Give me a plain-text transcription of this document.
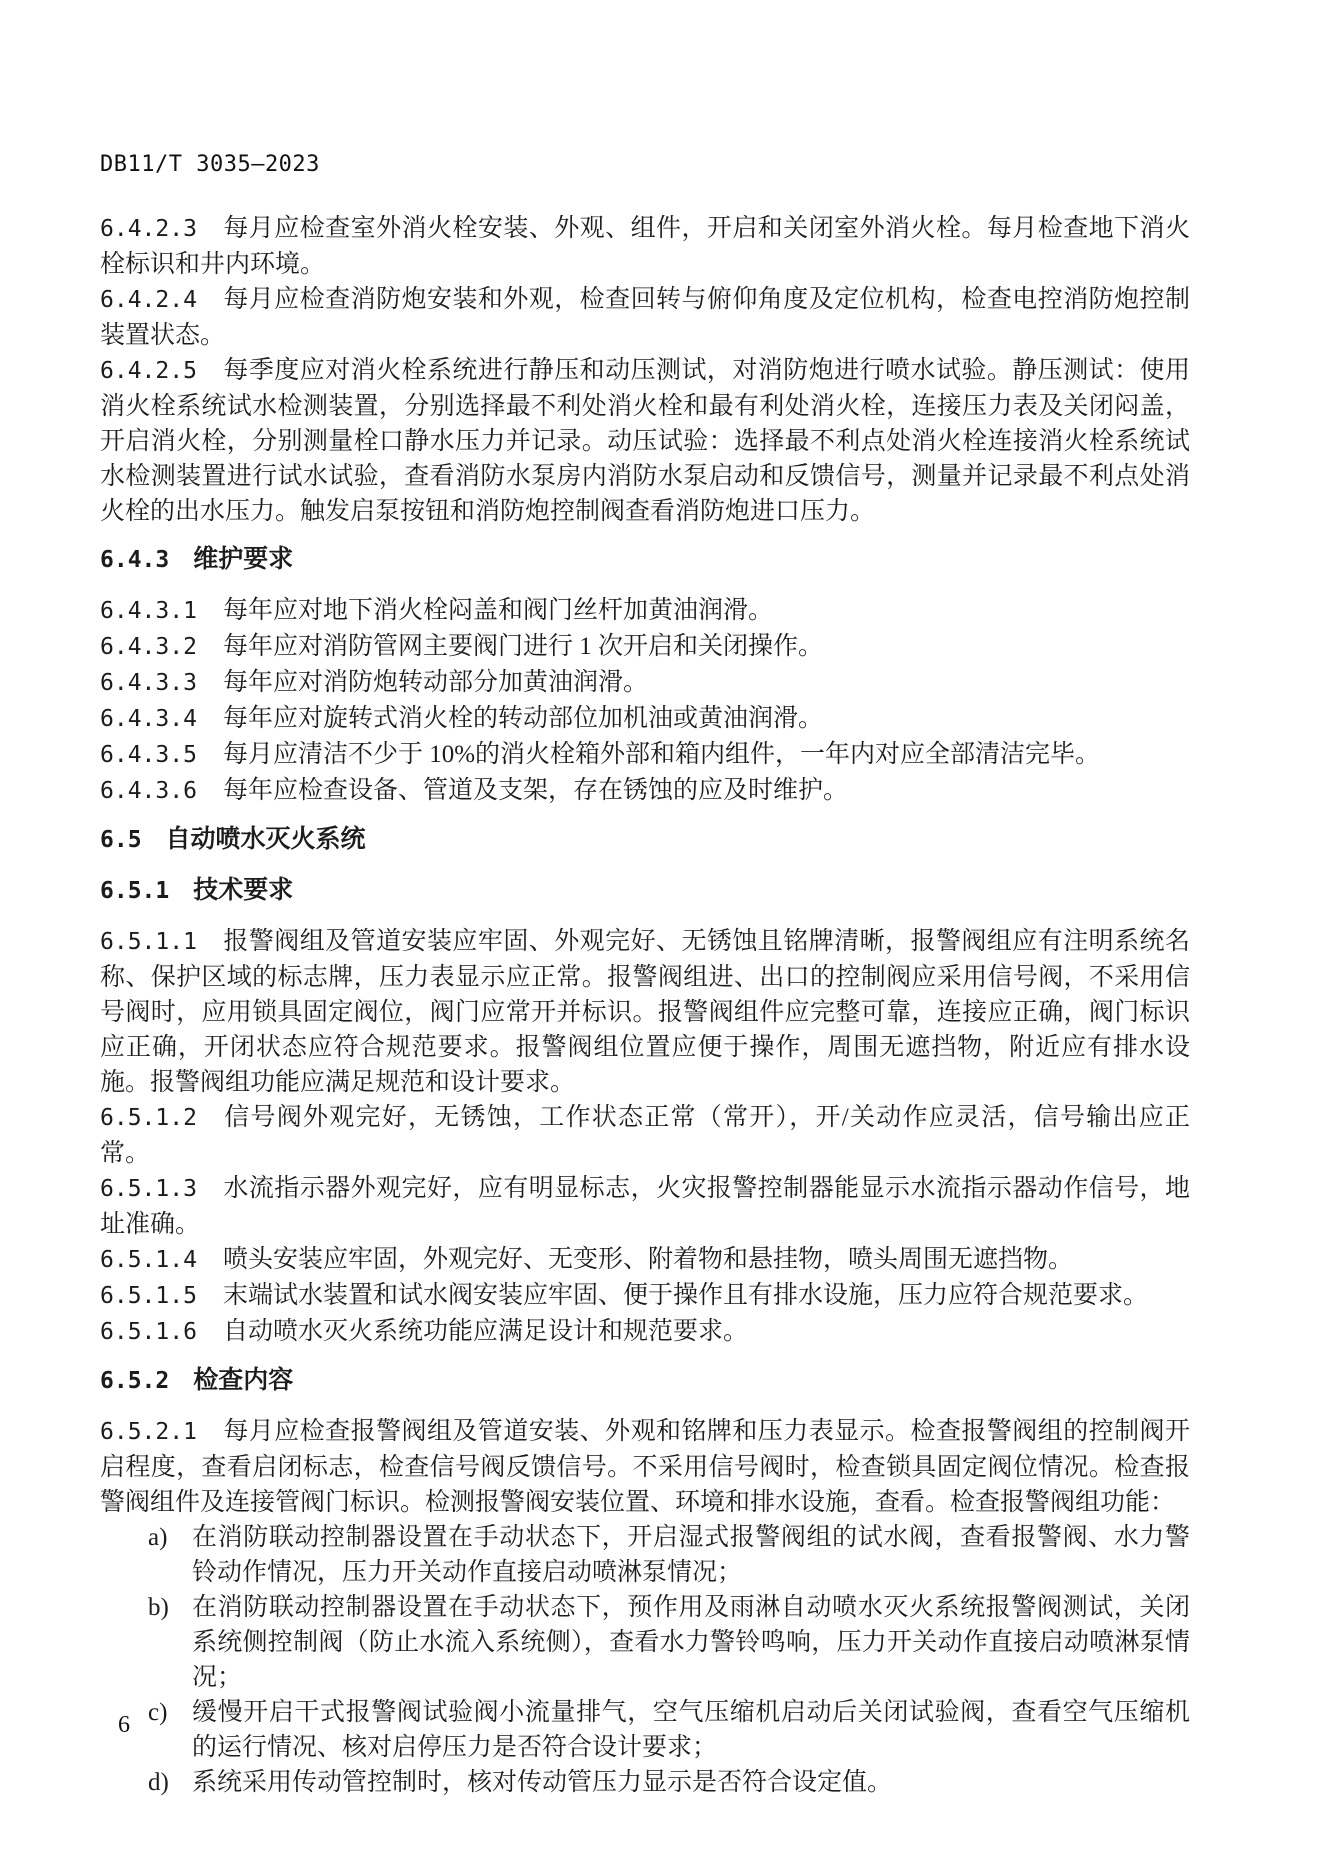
DB11/T 3035—2023

6.4.2.3 每月应检查室外消火栓安装、外观、组件，开启和关闭室外消火栓。每月检查地下消火栓标识和井内环境。

6.4.2.4 每月应检查消防炮安装和外观，检查回转与俯仰角度及定位机构，检查电控消防炮控制装置状态。

6.4.2.5 每季度应对消火栓系统进行静压和动压测试，对消防炮进行喷水试验。静压测试：使用消火栓系统试水检测装置，分别选择最不利处消火栓和最有利处消火栓，连接压力表及关闭闷盖，开启消火栓，分别测量栓口静水压力并记录。动压试验：选择最不利点处消火栓连接消火栓系统试水检测装置进行试水试验，查看消防水泵房内消防水泵启动和反馈信号，测量并记录最不利点处消火栓的出水压力。触发启泵按钮和消防炮控制阀查看消防炮进口压力。

6.4.3 维护要求

6.4.3.1 每年应对地下消火栓闷盖和阀门丝杆加黄油润滑。

6.4.3.2 每年应对消防管网主要阀门进行 1 次开启和关闭操作。

6.4.3.3 每年应对消防炮转动部分加黄油润滑。

6.4.3.4 每年应对旋转式消火栓的转动部位加机油或黄油润滑。

6.4.3.5 每月应清洁不少于 10%的消火栓箱外部和箱内组件，一年内对应全部清洁完毕。

6.4.3.6 每年应检查设备、管道及支架，存在锈蚀的应及时维护。

6.5 自动喷水灭火系统
6.5.1 技术要求

6.5.1.1 报警阀组及管道安装应牢固、外观完好、无锈蚀且铭牌清晰，报警阀组应有注明系统名称、保护区域的标志牌，压力表显示应正常。报警阀组进、出口的控制阀应采用信号阀，不采用信号阀时，应用锁具固定阀位，阀门应常开并标识。报警阀组件应完整可靠，连接应正确，阀门标识应正确，开闭状态应符合规范要求。报警阀组位置应便于操作，周围无遮挡物，附近应有排水设施。报警阀组功能应满足规范和设计要求。

6.5.1.2 信号阀外观完好，无锈蚀，工作状态正常（常开），开/关动作应灵活，信号输出应正常。

6.5.1.3 水流指示器外观完好，应有明显标志，火灾报警控制器能显示水流指示器动作信号，地址准确。

6.5.1.4 喷头安装应牢固，外观完好、无变形、附着物和悬挂物，喷头周围无遮挡物。

6.5.1.5 末端试水装置和试水阀安装应牢固、便于操作且有排水设施，压力应符合规范要求。

6.5.1.6 自动喷水灭火系统功能应满足设计和规范要求。

6.5.2 检查内容

6.5.2.1 每月应检查报警阀组及管道安装、外观和铭牌和压力表显示。检查报警阀组的控制阀开启程度，查看启闭标志，检查信号阀反馈信号。不采用信号阀时，检查锁具固定阀位情况。检查报警阀组件及连接管阀门标识。检测报警阀安装位置、环境和排水设施，查看。检查报警阀组功能：

a) 在消防联动控制器设置在手动状态下，开启湿式报警阀组的试水阀，查看报警阀、水力警铃动作情况，压力开关动作直接启动喷淋泵情况；
b) 在消防联动控制器设置在手动状态下，预作用及雨淋自动喷水灭火系统报警阀测试，关闭系统侧控制阀（防止水流入系统侧），查看水力警铃鸣响，压力开关动作直接启动喷淋泵情况；
c) 缓慢开启干式报警阀试验阀小流量排气，空气压缩机启动后关闭试验阀，查看空气压缩机的运行情况、核对启停压力是否符合设计要求；
d) 系统采用传动管控制时，核对传动管压力显示是否符合设定值。
6
